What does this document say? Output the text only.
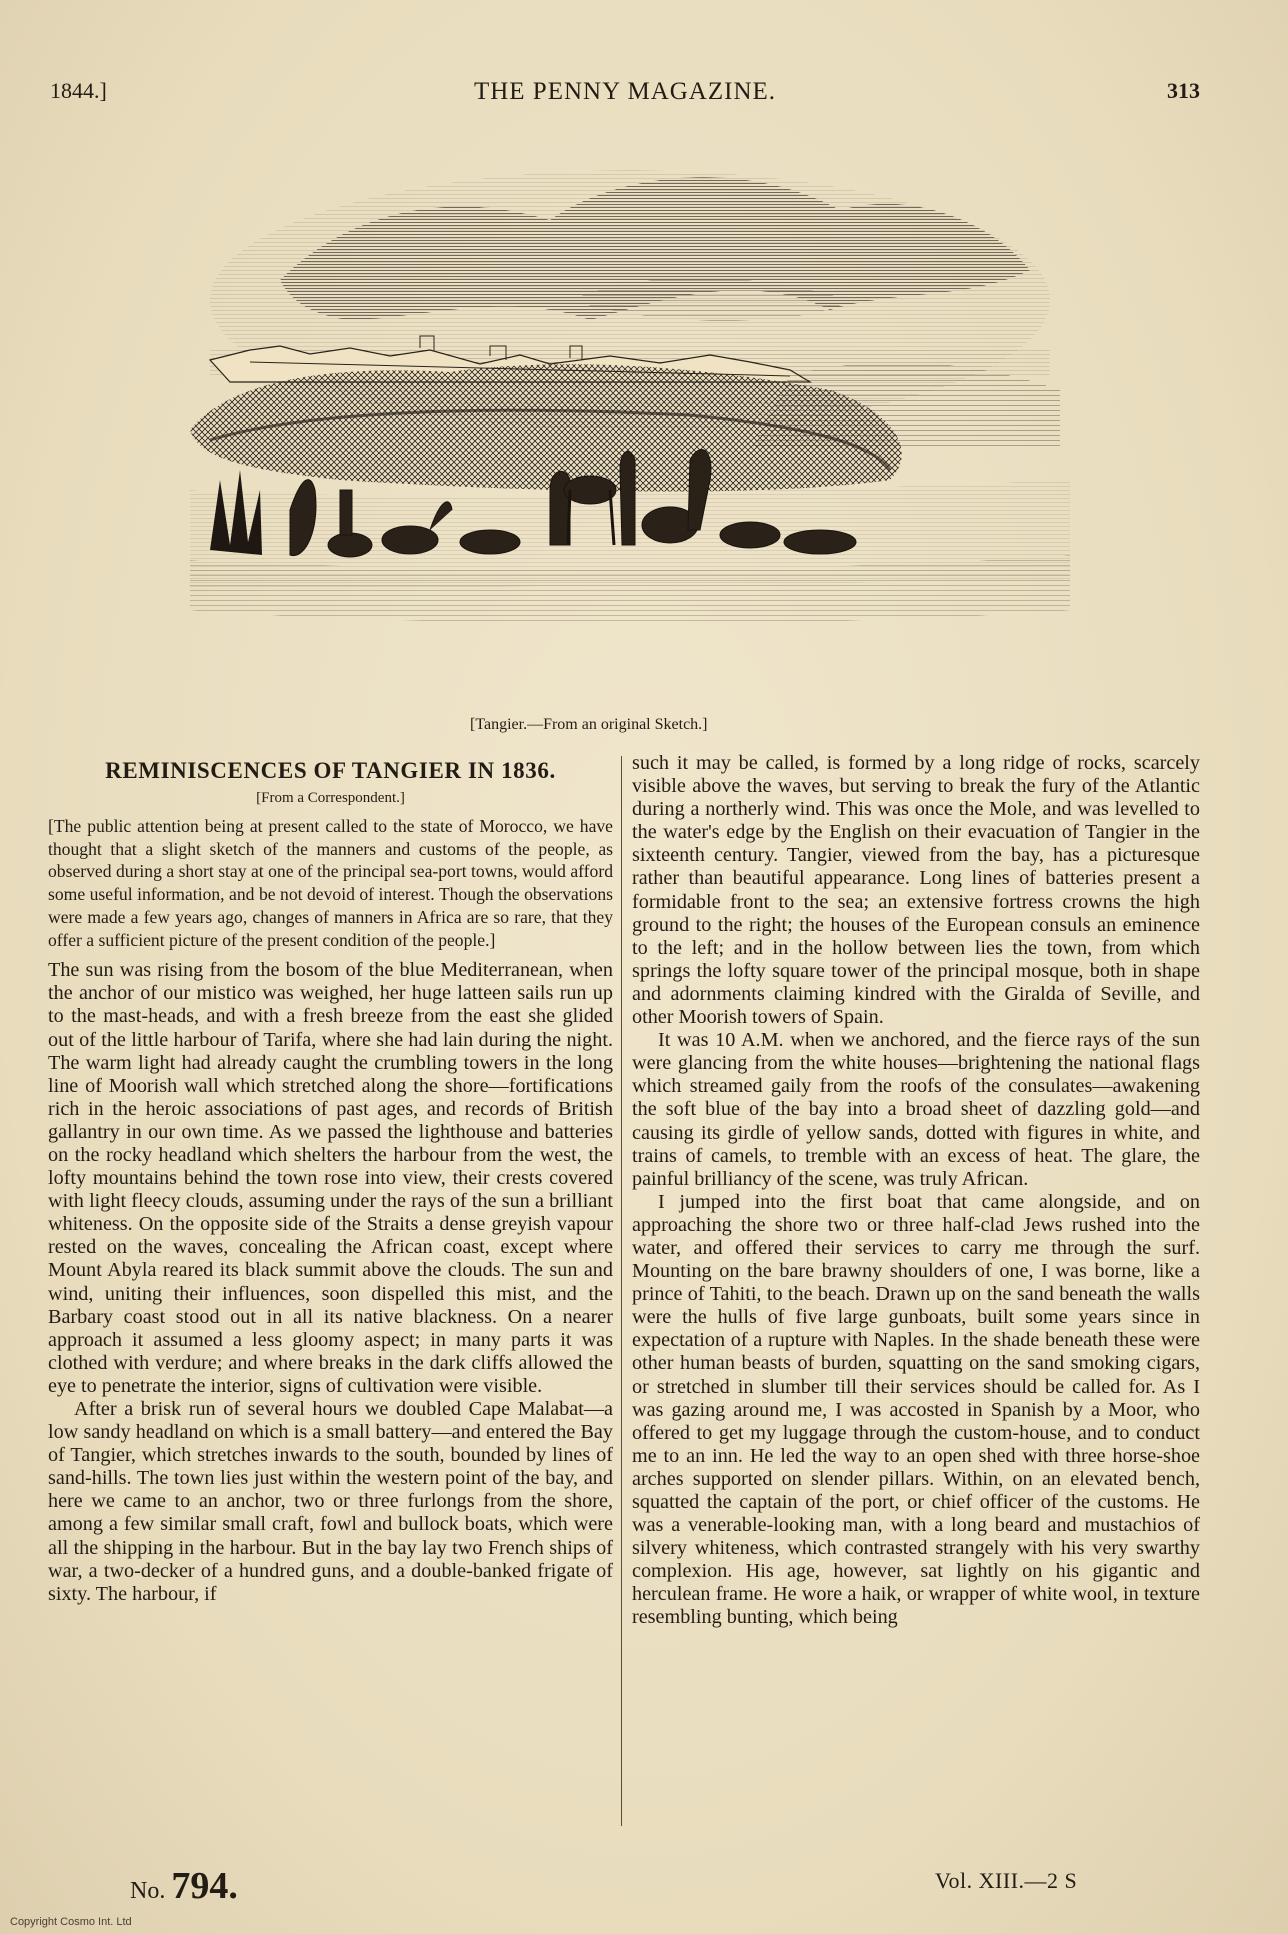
THE PENNY MAGAZINE.
1844.]	313
[Tangier.—From an original Sketch.]
REMINISCENCES OF TANGIER IN 1836.
[From a Correspondent.]

[The public attention being at present called to the state of Morocco, we have thought that a slight sketch of the manners and customs of the people, as observed during a short stay at one of the principal sea-port towns, would afford some useful information, and be not devoid of interest. Though the observations were made a few years ago, changes of manners in Africa are so rare, that they offer a sufficient picture of the present condition of the people.]

The sun was rising from the bosom of the blue Mediterranean, when the anchor of our mistico was weighed, her huge latteen sails run up to the mast-heads, and with a fresh breeze from the east she glided out of the little harbour of Tarifa, where she had lain during the night. The warm light had already caught the crumbling towers in the long line of Moorish wall which stretched along the shore—fortifications rich in the heroic associations of past ages, and records of British gallantry in our own time. As we passed the lighthouse and batteries on the rocky headland which shelters the harbour from the west, the lofty mountains behind the town rose into view, their crests covered with light fleecy clouds, assuming under the rays of the sun a brilliant whiteness. On the opposite side of the Straits a dense greyish vapour rested on the waves, concealing the African coast, except where Mount Abyla reared its black summit above the clouds. The sun and wind, uniting their influences, soon dispelled this mist, and the Barbary coast stood out in all its native blackness. On a nearer approach it assumed a less gloomy aspect; in many parts it was clothed with verdure; and where breaks in the dark cliffs allowed the eye to penetrate the interior, signs of cultivation were visible.

After a brisk run of several hours we doubled Cape Malabat—a low sandy headland on which is a small battery—and entered the Bay of Tangier, which stretches inwards to the south, bounded by lines of sand-hills. The town lies just within the western point of the bay, and here we came to an anchor, two or three furlongs from the shore, among a few similar small craft, fowl and bullock boats, which were all the shipping in the harbour. But in the bay lay two French ships of war, a two-decker of a hundred guns, and a double-banked frigate of sixty. The harbour, if

such it may be called, is formed by a long ridge of rocks, scarcely visible above the waves, but serving to break the fury of the Atlantic during a northerly wind. This was once the Mole, and was levelled to the water's edge by the English on their evacuation of Tangier in the sixteenth century. Tangier, viewed from the bay, has a picturesque rather than beautiful appearance. Long lines of batteries present a formidable front to the sea; an extensive fortress crowns the high ground to the right; the houses of the European consuls an eminence to the left; and in the hollow between lies the town, from which springs the lofty square tower of the principal mosque, both in shape and adornments claiming kindred with the Giralda of Seville, and other Moorish towers of Spain.

It was 10 A.M. when we anchored, and the fierce rays of the sun were glancing from the white houses—brightening the national flags which streamed gaily from the roofs of the consulates—awakening the soft blue of the bay into a broad sheet of dazzling gold—and causing its girdle of yellow sands, dotted with figures in white, and trains of camels, to tremble with an excess of heat. The glare, the painful brilliancy of the scene, was truly African.

I jumped into the first boat that came alongside, and on approaching the shore two or three half-clad Jews rushed into the water, and offered their services to carry me through the surf. Mounting on the bare brawny shoulders of one, I was borne, like a prince of Tahiti, to the beach. Drawn up on the sand beneath the walls were the hulls of five large gunboats, built some years since in expectation of a rupture with Naples. In the shade beneath these were other human beasts of burden, squatting on the sand smoking cigars, or stretched in slumber till their services should be called for. As I was gazing around me, I was accosted in Spanish by a Moor, who offered to get my luggage through the custom-house, and to conduct me to an inn. He led the way to an open shed with three horse-shoe arches supported on slender pillars. Within, on an elevated bench, squatted the captain of the port, or chief officer of the customs. He was a venerable-looking man, with a long beard and mustachios of silvery whiteness, which contrasted strangely with his very swarthy complexion. His age, however, sat lightly on his gigantic and herculean frame. He wore a haik, or wrapper of white wool, in texture resembling bunting, which being

No. 794.	Vol. XIII.—2 S
Copyright Cosmo Int. Ltd
